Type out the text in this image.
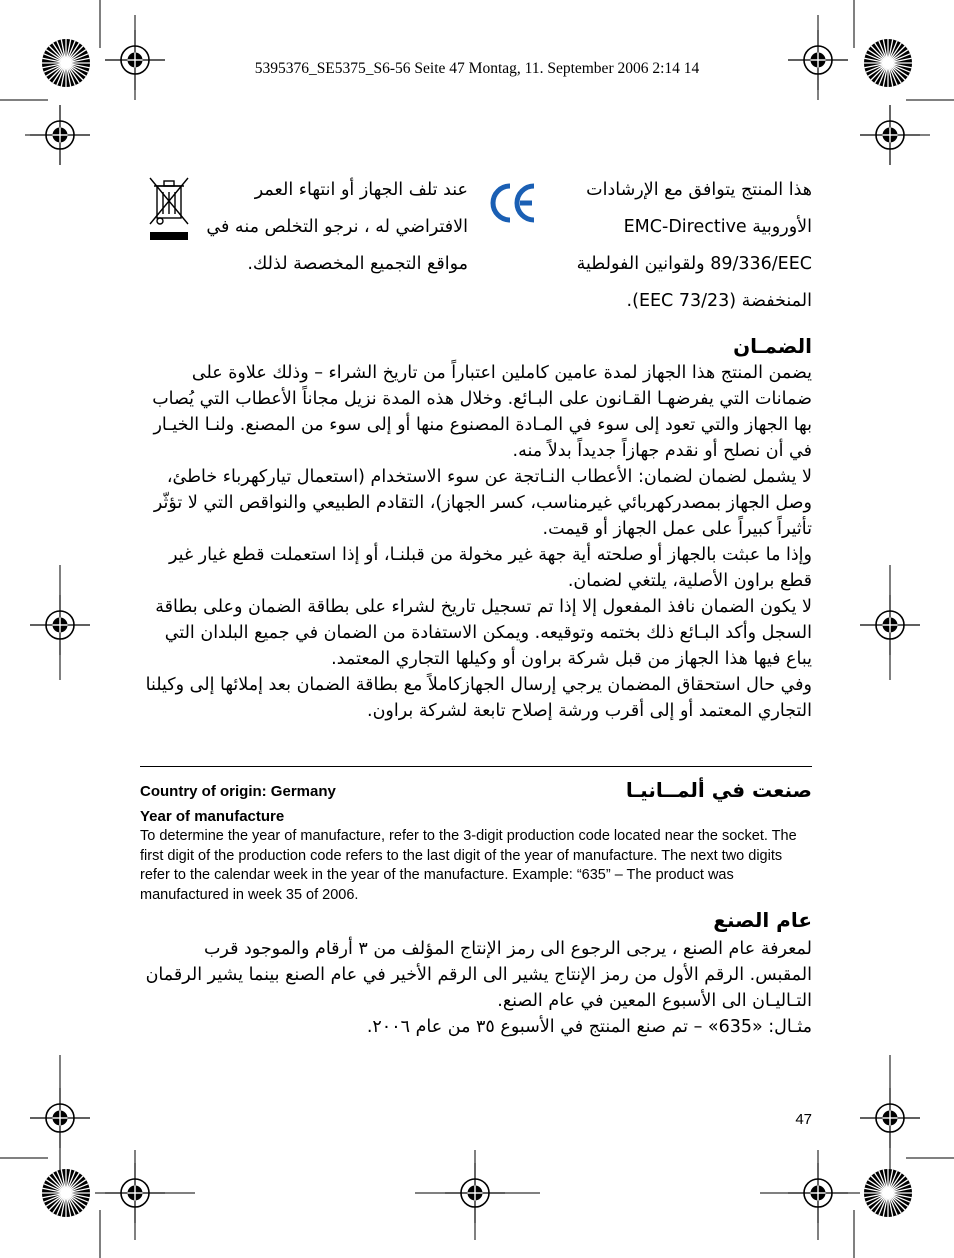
5395376_SE5375_S6-56 Seite 47 Montag, 11. September 2006 2:14 14
عند تلف الجهاز أو انتهاء العمر الافتراضي له ، نرجو التخلص منه في مواقع التجميع المخصصة لذلك.
هذا المنتج يتوافق مع الإرشادات الأوروبية EMC-Directive 89/336/EEC ولقوانين الفولطية المنخفضة (73/23 EEC).
الضمـان

يضمن المنتج هذا الجهاز لمدة عامين كاملين اعتباراً من تاريخ الشراء – وذلك علاوة على ضمانات التي يفرضهـا القـانون على البـائع. وخلال هذه المدة نزيل مجاناً الأعطاب التي يُصاب بها الجهاز والتي تعود إلى سوء في المـادة المصنوع منها أو إلى سوء من المصنع. ولنـا الخيـار في أن نصلح أو نقدم جهازاً جديداً بدلاً منه.

لا يشمل لضمان لضمان: الأعطاب النـاتجة عن سوء الاستخدام (استعمال تياركهرباء خاطئ، وصل الجهاز بمصدركهربائي غيرمناسب، كسر الجهاز)، التقادم الطبيعي والنواقص التي لا تؤثّر تأثيراً كبيراً على عمل الجهاز أو قيمت.

وإذا ما عبثت بالجهاز أو صلحته أية جهة غير مخولة من قبلنـا، أو إذا استعملت قطع غيار غير قطع براون الأصلية، يلتغي لضمان.

لا يكون الضمان نافذ المفعول إلا إذا تم تسجيل تاريخ لشراء على بطاقة الضمان وعلى بطاقة السجل وأكد البـائع ذلك بختمه وتوقيعه. ويمكن الاستفادة من الضمان في جميع البلدان التي يباع فيها هذا الجهاز من قبل شركة براون أو وكيلها التجاري المعتمد.

وفي حال استحقاق المضمان يرجي إرسال الجهازكاملاً مع بطاقة الضمان بعد إملائها إلى وكيلنا التجاري المعتمد أو إلى أقرب ورشة إصلاح تابعة لشركة براون.

Country of origin: Germany	صنعت في ألمــانيـا
Year of manufacture
To determine the year of manufacture, refer to the 3-digit production code located near the socket. The first digit of the production code refers to the last digit of the year of manufacture. The next two digits refer to the calendar week in the year of the manufacture. Example: “635” – The product was manufactured in week 35 of 2006.
عام الصنع

لمعرفة عام الصنع ، يرجى الرجوع الى رمز الإنتاج المؤلف من ٣ أرقام والموجود قرب المقبس. الرقم الأول من رمز الإنتاج يشير الى الرقم الأخير في عام الصنع بينما يشير الرقمان التـاليـان الى الأسبوع المعين في عام الصنع.

مثـال: «635» – تم صنع المنتج في الأسبوع ٣٥ من عام ٢٠٠٦.

47
